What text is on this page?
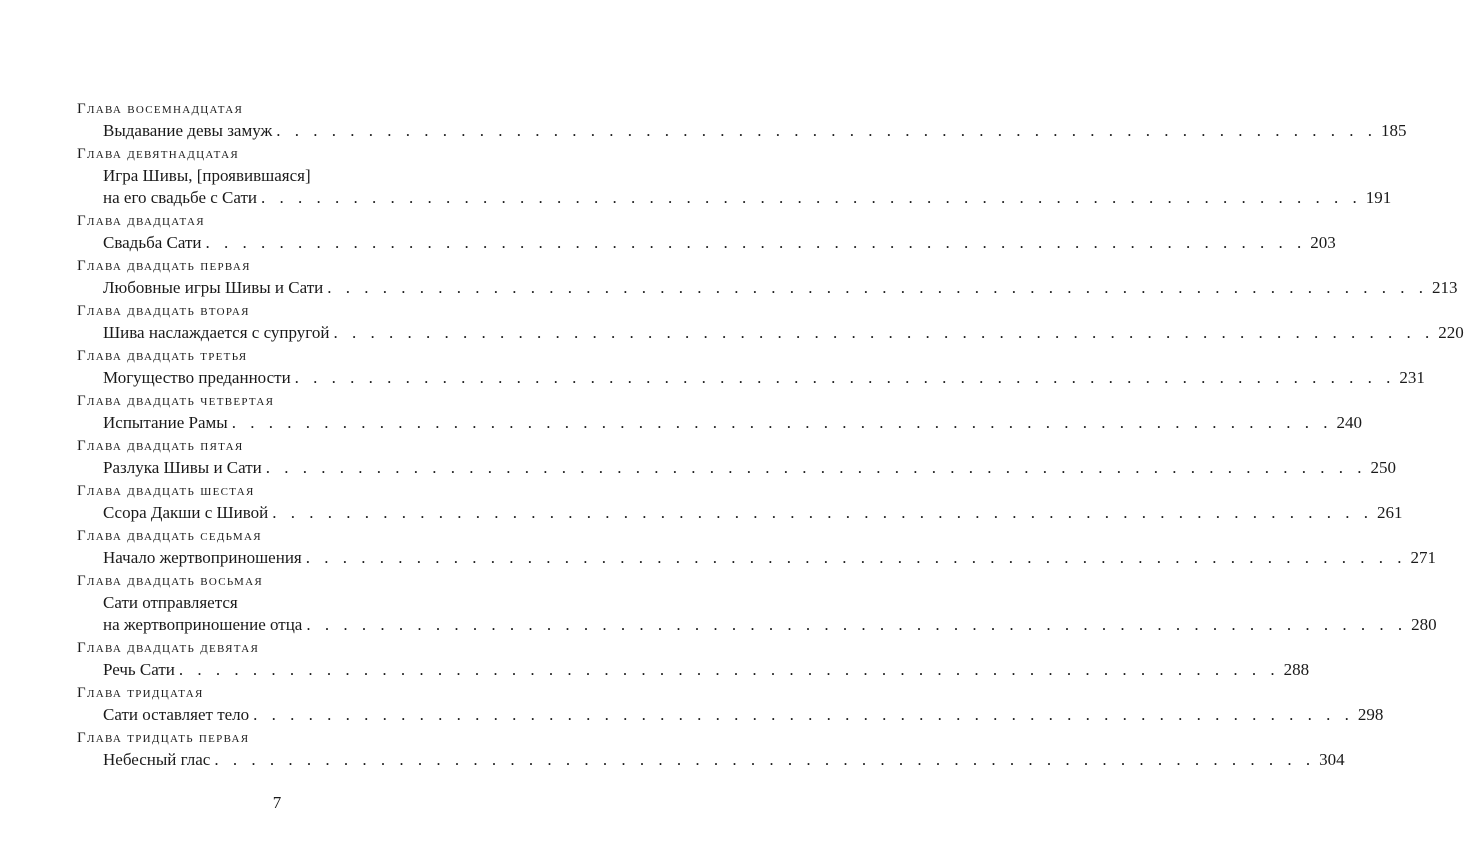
Глава восемнадцатая
Выдавание девы замуж . . . . . . . . . . . . . . . . . . . . . . . . . . . . . . . . . . . . . . . . . . . . . . . . . . . . . . . . . . . . 185
Глава девятнадцатая
Игра Шивы, [проявившаяся]
на его свадьбе с Сати . . . . . . . . . . . . . . . . . . . . . . . . . . . . . . . . . . . . . . . . . . . . . . . . . . . . . . . . . . . . 191
Глава двадцатая
Свадьба Сати . . . . . . . . . . . . . . . . . . . . . . . . . . . . . . . . . . . . . . . . . . . . . . . . . . . . . . . . . . . . 203
Глава двадцать первая
Любовные игры Шивы и Сати . . . . . . . . . . . . . . . . . . . . . . . . . . . . . . . . . . . . . . . . . . . . . . . . . . . . . . . . . . . . 213
Глава двадцать вторая
Шива наслаждается с супругой . . . . . . . . . . . . . . . . . . . . . . . . . . . . . . . . . . . . . . . . . . . . . . . . . . . . . . . . . . . . 220
Глава двадцать третья
Могущество преданности . . . . . . . . . . . . . . . . . . . . . . . . . . . . . . . . . . . . . . . . . . . . . . . . . . . . . . . . . . . . 231
Глава двадцать четвертая
Испытание Рамы . . . . . . . . . . . . . . . . . . . . . . . . . . . . . . . . . . . . . . . . . . . . . . . . . . . . . . . . . . . . 240
Глава двадцать пятая
Разлука Шивы и Сати . . . . . . . . . . . . . . . . . . . . . . . . . . . . . . . . . . . . . . . . . . . . . . . . . . . . . . . . . . . . 250
Глава двадцать шестая
Ссора Дакши с Шивой . . . . . . . . . . . . . . . . . . . . . . . . . . . . . . . . . . . . . . . . . . . . . . . . . . . . . . . . . . . . 261
Глава двадцать седьмая
Начало жертвоприношения . . . . . . . . . . . . . . . . . . . . . . . . . . . . . . . . . . . . . . . . . . . . . . . . . . . . . . . . . . . . 271
Глава двадцать восьмая
Сати отправляется
на жертвоприношение отца . . . . . . . . . . . . . . . . . . . . . . . . . . . . . . . . . . . . . . . . . . . . . . . . . . . . . . . . . . . . 280
Глава двадцать девятая
Речь Сати . . . . . . . . . . . . . . . . . . . . . . . . . . . . . . . . . . . . . . . . . . . . . . . . . . . . . . . . . . . . 288
Глава тридцатая
Сати оставляет тело . . . . . . . . . . . . . . . . . . . . . . . . . . . . . . . . . . . . . . . . . . . . . . . . . . . . . . . . . . . . 298
Глава тридцать первая
Небесный глас . . . . . . . . . . . . . . . . . . . . . . . . . . . . . . . . . . . . . . . . . . . . . . . . . . . . . . . . . . . . 304
7
